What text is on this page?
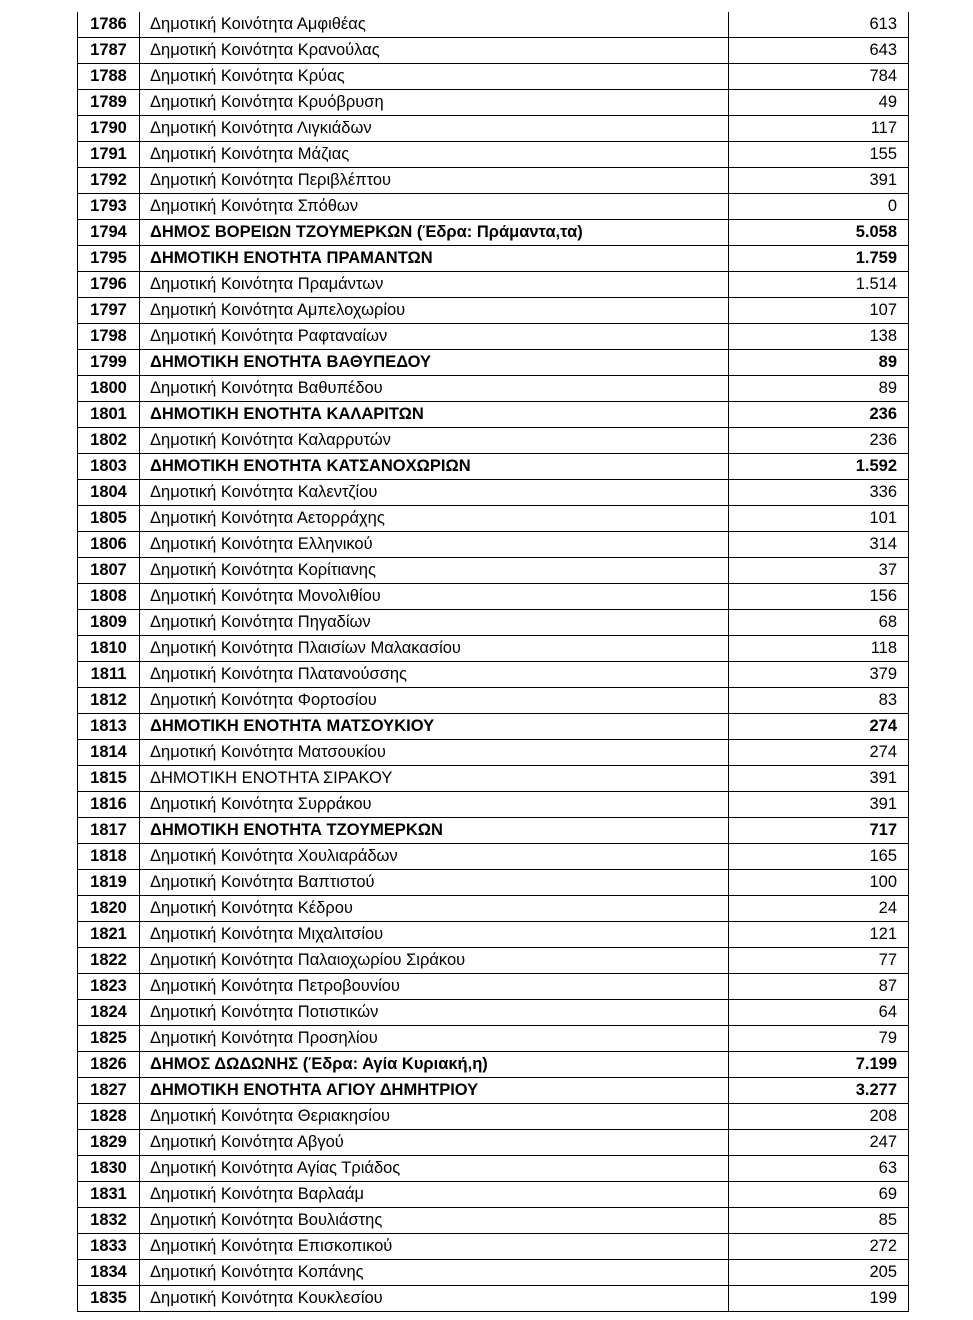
1786	Δημοτική Κοινότητα Αμφιθέας	613
1787	Δημοτική Κοινότητα Κρανούλας	643
1788	Δημοτική Κοινότητα Κρύας	784
1789	Δημοτική Κοινότητα Κρυόβρυση	49
1790	Δημοτική Κοινότητα Λιγκιάδων	117
1791	Δημοτική Κοινότητα Μάζιας	155
1792	Δημοτική Κοινότητα Περιβλέπτου	391
1793	Δημοτική Κοινότητα Σπόθων	0
1794	ΔΗΜΟΣ ΒΟΡΕΙΩΝ ΤΖΟΥΜΕΡΚΩΝ (Έδρα: Πράμαντα,τα)	5.058
1795	ΔΗΜΟΤΙΚΗ ΕΝΟΤΗΤΑ ΠΡΑΜΑΝΤΩΝ	1.759
1796	Δημοτική Κοινότητα Πραμάντων	1.514
1797	Δημοτική Κοινότητα Αμπελοχωρίου	107
1798	Δημοτική Κοινότητα Ραφταναίων	138
1799	ΔΗΜΟΤΙΚΗ ΕΝΟΤΗΤΑ ΒΑΘΥΠΕΔΟΥ	89
1800	Δημοτική Κοινότητα Βαθυπέδου	89
1801	ΔΗΜΟΤΙΚΗ ΕΝΟΤΗΤΑ ΚΑΛΑΡΙΤΩΝ	236
1802	Δημοτική Κοινότητα Καλαρρυτών	236
1803	ΔΗΜΟΤΙΚΗ ΕΝΟΤΗΤΑ ΚΑΤΣΑΝΟΧΩΡΙΩΝ	1.592
1804	Δημοτική Κοινότητα Καλεντζίου	336
1805	Δημοτική Κοινότητα Αετορράχης	101
1806	Δημοτική Κοινότητα Ελληνικού	314
1807	Δημοτική Κοινότητα Κορίτιανης	37
1808	Δημοτική Κοινότητα Μονολιθίου	156
1809	Δημοτική Κοινότητα Πηγαδίων	68
1810	Δημοτική Κοινότητα Πλαισίων Μαλακασίου	118
1811	Δημοτική Κοινότητα Πλατανούσσης	379
1812	Δημοτική Κοινότητα Φορτοσίου	83
1813	ΔΗΜΟΤΙΚΗ ΕΝΟΤΗΤΑ ΜΑΤΣΟΥΚΙΟΥ	274
1814	Δημοτική Κοινότητα Ματσουκίου	274
1815	ΔΗΜΟΤΙΚΗ ΕΝΟΤΗΤΑ ΣΙΡΑΚΟΥ	391
1816	Δημοτική Κοινότητα Συρράκου	391
1817	ΔΗΜΟΤΙΚΗ ΕΝΟΤΗΤΑ ΤΖΟΥΜΕΡΚΩΝ	717
1818	Δημοτική Κοινότητα Χουλιαράδων	165
1819	Δημοτική Κοινότητα Βαπτιστού	100
1820	Δημοτική Κοινότητα Κέδρου	24
1821	Δημοτική Κοινότητα Μιχαλιτσίου	121
1822	Δημοτική Κοινότητα Παλαιοχωρίου Σιράκου	77
1823	Δημοτική Κοινότητα Πετροβουνίου	87
1824	Δημοτική Κοινότητα Ποτιστικών	64
1825	Δημοτική Κοινότητα Προσηλίου	79
1826	ΔΗΜΟΣ ΔΩΔΩΝΗΣ (Έδρα: Αγία Κυριακή,η)	7.199
1827	ΔΗΜΟΤΙΚΗ ΕΝΟΤΗΤΑ ΑΓΙΟΥ ΔΗΜΗΤΡΙΟΥ	3.277
1828	Δημοτική Κοινότητα Θεριακησίου	208
1829	Δημοτική Κοινότητα Αβγού	247
1830	Δημοτική Κοινότητα Αγίας Τριάδος	63
1831	Δημοτική Κοινότητα Βαρλαάμ	69
1832	Δημοτική Κοινότητα Βουλιάστης	85
1833	Δημοτική Κοινότητα Επισκοπικού	272
1834	Δημοτική Κοινότητα Κοπάνης	205
1835	Δημοτική Κοινότητα Κουκλεσίου	199
